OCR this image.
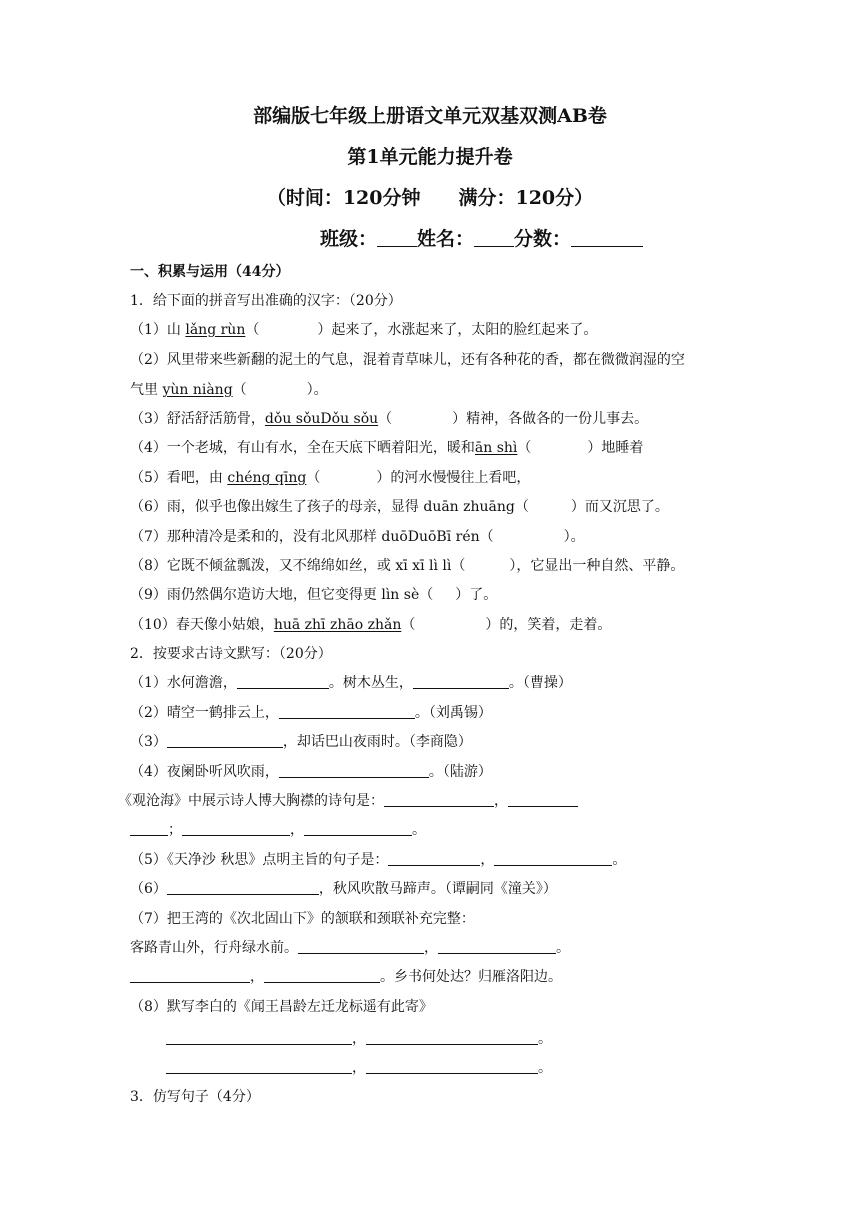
部编版七年级上册语文单元双基双测AB卷
第1单元能力提升卷
（时间：120分钟　　满分：120分）
班级： 姓名： 分数：
一、积累与运用（44分）
1．给下面的拼音写出准确的汉字：（20分）
（1）山 lǎng rùn（	）起来了，水涨起来了，太阳的脸红起来了。
（2）风里带来些新翻的泥土的气息，混着青草味儿，还有各种花的香，都在微微润湿的空
气里 yùn niàng（	）。
（3）舒活舒活筋骨，dǒu sǒuDǒu sǒu（	）精神，各做各的一份儿事去。
（4）一个老城，有山有水，全在天底下晒着阳光，暖和ān shì（	）地睡着
（5）看吧，由 chéng qīng（	）的河水慢慢往上看吧，
（6）雨，似乎也像出嫁生了孩子的母亲，显得 duān zhuāng（	）而又沉思了。
（7）那种清冷是柔和的，没有北风那样 duōDuōBī rén（	）。
（8）它既不倾盆瓢泼，又不绵绵如丝，或 xī xī lì lì（	），它显出一种自然、平静。
（9）雨仍然偶尔造访大地，但它变得更 lìn sè（ ）了。
（10）春天像小姑娘，huā zhī zhāo zhǎn（	）的，笑着，走着。
2．按要求古诗文默写：（20分）
（1）水何澹澹，	。树木丛生，	。（曹操）
（2）晴空一鹤排云上，	。（刘禹锡）
（3）	，却话巴山夜雨时。（李商隐）
（4）夜阑卧听风吹雨，	。（陆游）
《观沧海》中展示诗人博大胸襟的诗句是：	，
；	，	。
（5）《天净沙 秋思》点明主旨的句子是：	，	。
（6）	，秋风吹散马蹄声。（谭嗣同《潼关》）
（7）把王湾的《次北固山下》的颔联和颈联补充完整：
客路青山外，行舟绿水前。	，	。
，	。乡书何处达？归雁洛阳边。
（8）默写李白的《闻王昌龄左迁龙标遥有此寄》
，	。
，	。
3．仿写句子（4分）
